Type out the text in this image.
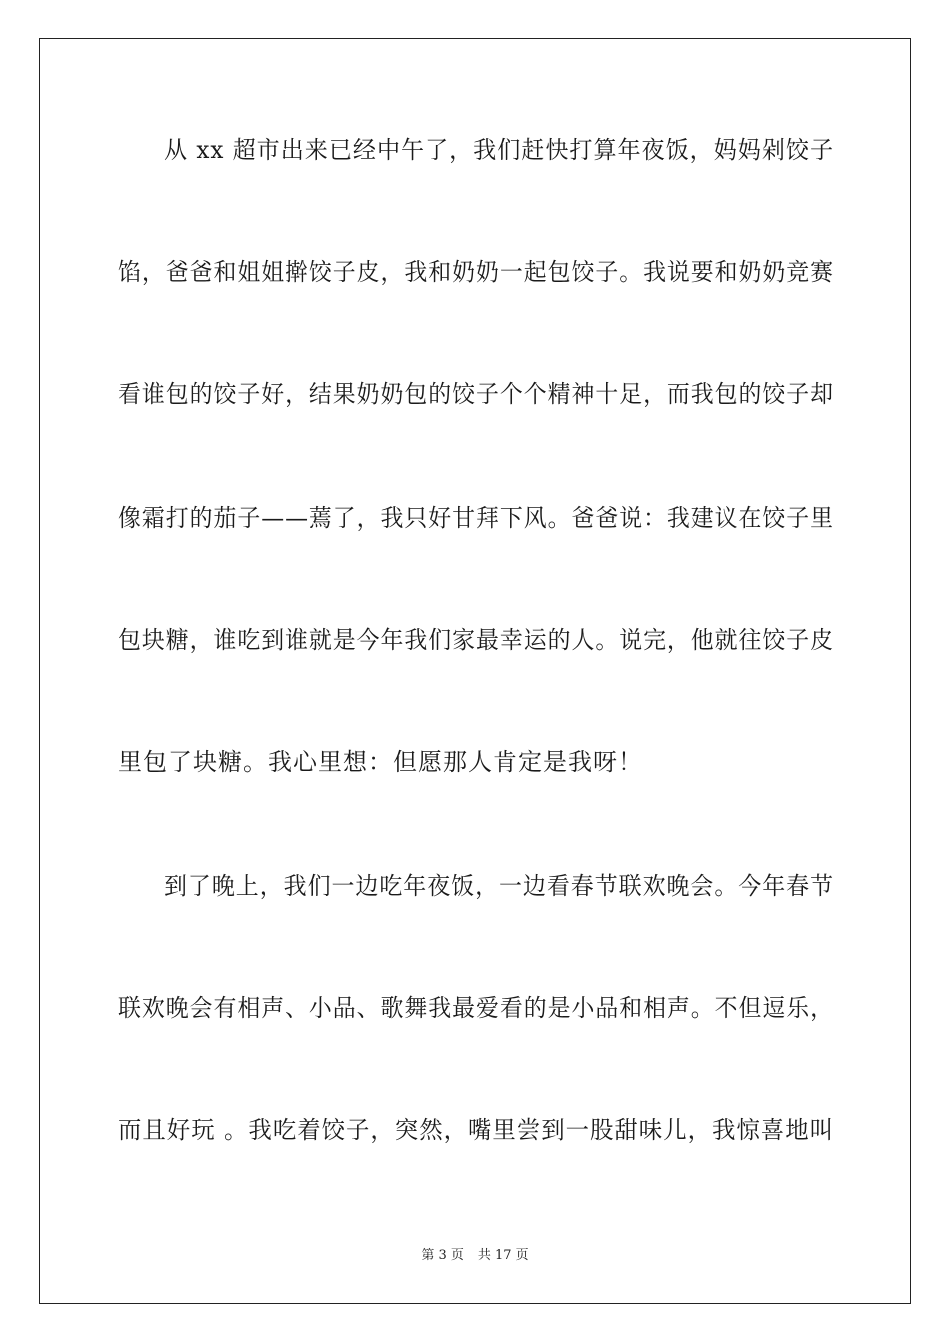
从 xx 超市出来已经中午了，我们赶快打算年夜饭，妈妈剁饺子
馅，爸爸和姐姐擀饺子皮，我和奶奶一起包饺子。我说要和奶奶竞赛
看谁包的饺子好，结果奶奶包的饺子个个精神十足，而我包的饺子却
像霜打的茄子——蔫了，我只好甘拜下风。爸爸说：我建议在饺子里
包块糖，谁吃到谁就是今年我们家最幸运的人。说完，他就往饺子皮
里包了块糖。我心里想：但愿那人肯定是我呀！
到了晚上，我们一边吃年夜饭，一边看春节联欢晚会。今年春节
联欢晚会有相声、小品、歌舞我最爱看的是小品和相声。不但逗乐，
而且好玩 。我吃着饺子，突然，嘴里尝到一股甜味儿，我惊喜地叫
第 3 页 共 17 页
